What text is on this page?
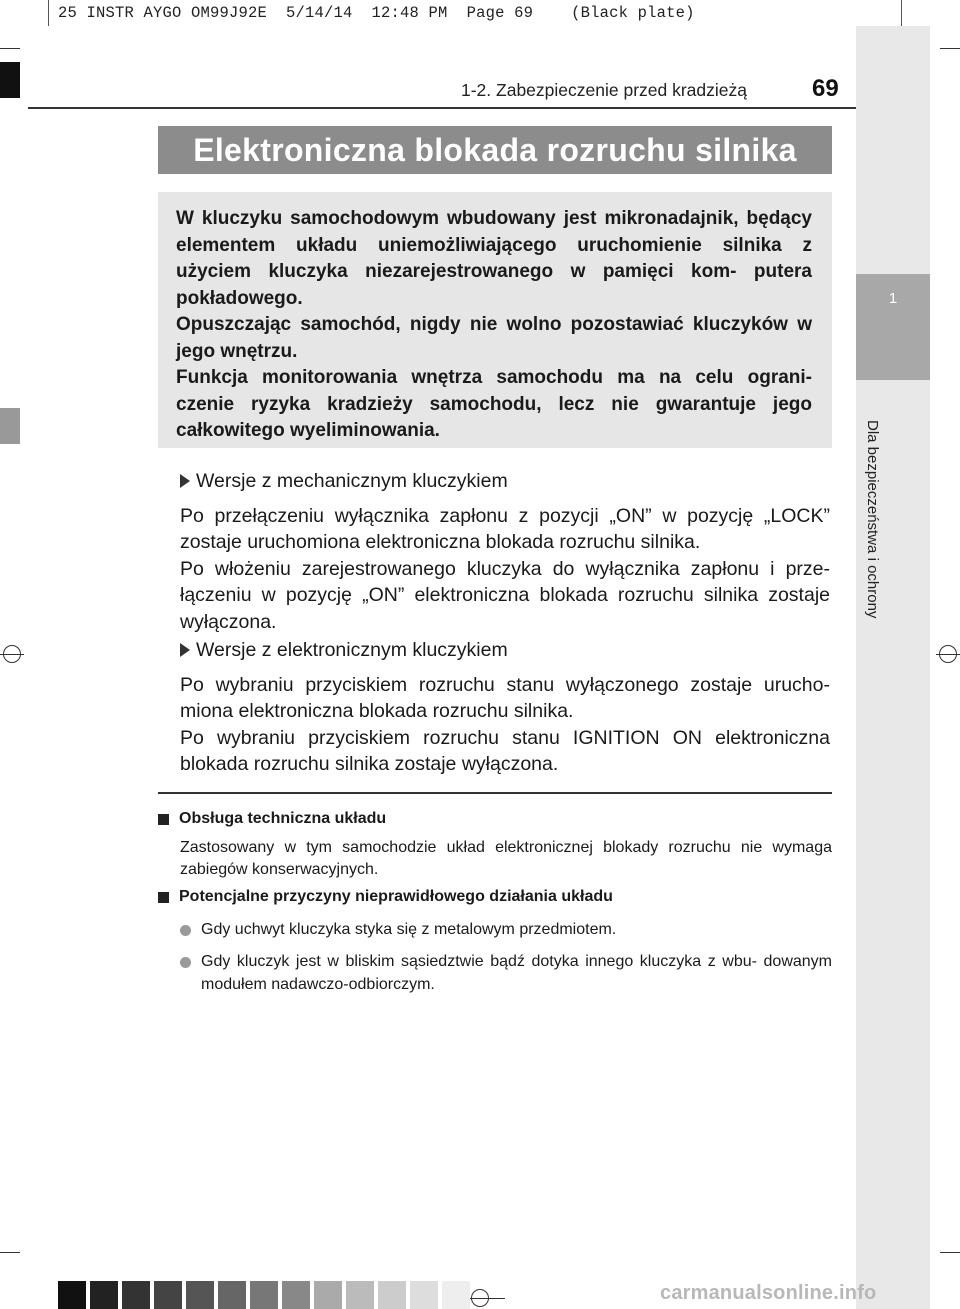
25 INSTR AYGO OM99J92E  5/14/14  12:48 PM  Page 69    (Black plate)
1
1-2. Zabezpieczenie przed kradzieżą	69
Elektroniczna blokada rozruchu silnika

W kluczyku samochodowym wbudowany jest mikronadajnik, będący elementem układu uniemożliwiającego uruchomienie silnika z użyciem kluczyka niezarejestrowanego w pamięci kom- putera pokładowego.

Opuszczając samochód, nigdy nie wolno pozostawiać kluczyków w jego wnętrzu.

Funkcja monitorowania wnętrza samochodu ma na celu ograni- czenie ryzyka kradzieży samochodu, lecz nie gwarantuje jego całkowitego wyeliminowania.

Wersje z mechanicznym kluczykiem

Po przełączeniu wyłącznika zapłonu z pozycji „ON” w pozycję „LOCK” zostaje uruchomiona elektroniczna blokada rozruchu silnika.

Po włożeniu zarejestrowanego kluczyka do wyłącznika zapłonu i prze- łączeniu w pozycję „ON” elektroniczna blokada rozruchu silnika zostaje wyłączona.

Wersje z elektronicznym kluczykiem

Po wybraniu przyciskiem rozruchu stanu wyłączonego zostaje urucho- miona elektroniczna blokada rozruchu silnika.

Po wybraniu przyciskiem rozruchu stanu IGNITION ON elektroniczna blokada rozruchu silnika zostaje wyłączona.

Obsługa techniczna układu

Zastosowany w tym samochodzie układ elektronicznej blokady rozruchu nie wymaga zabiegów konserwacyjnych.

Potencjalne przyczyny nieprawidłowego działania układu
Gdy uchwyt kluczyka styka się z metalowym przedmiotem.
Gdy kluczyk jest w bliskim sąsiedztwie bądź dotyka innego kluczyka z wbu- dowanym modułem nadawczo-odbiorczym.
carmanualsonline.info
